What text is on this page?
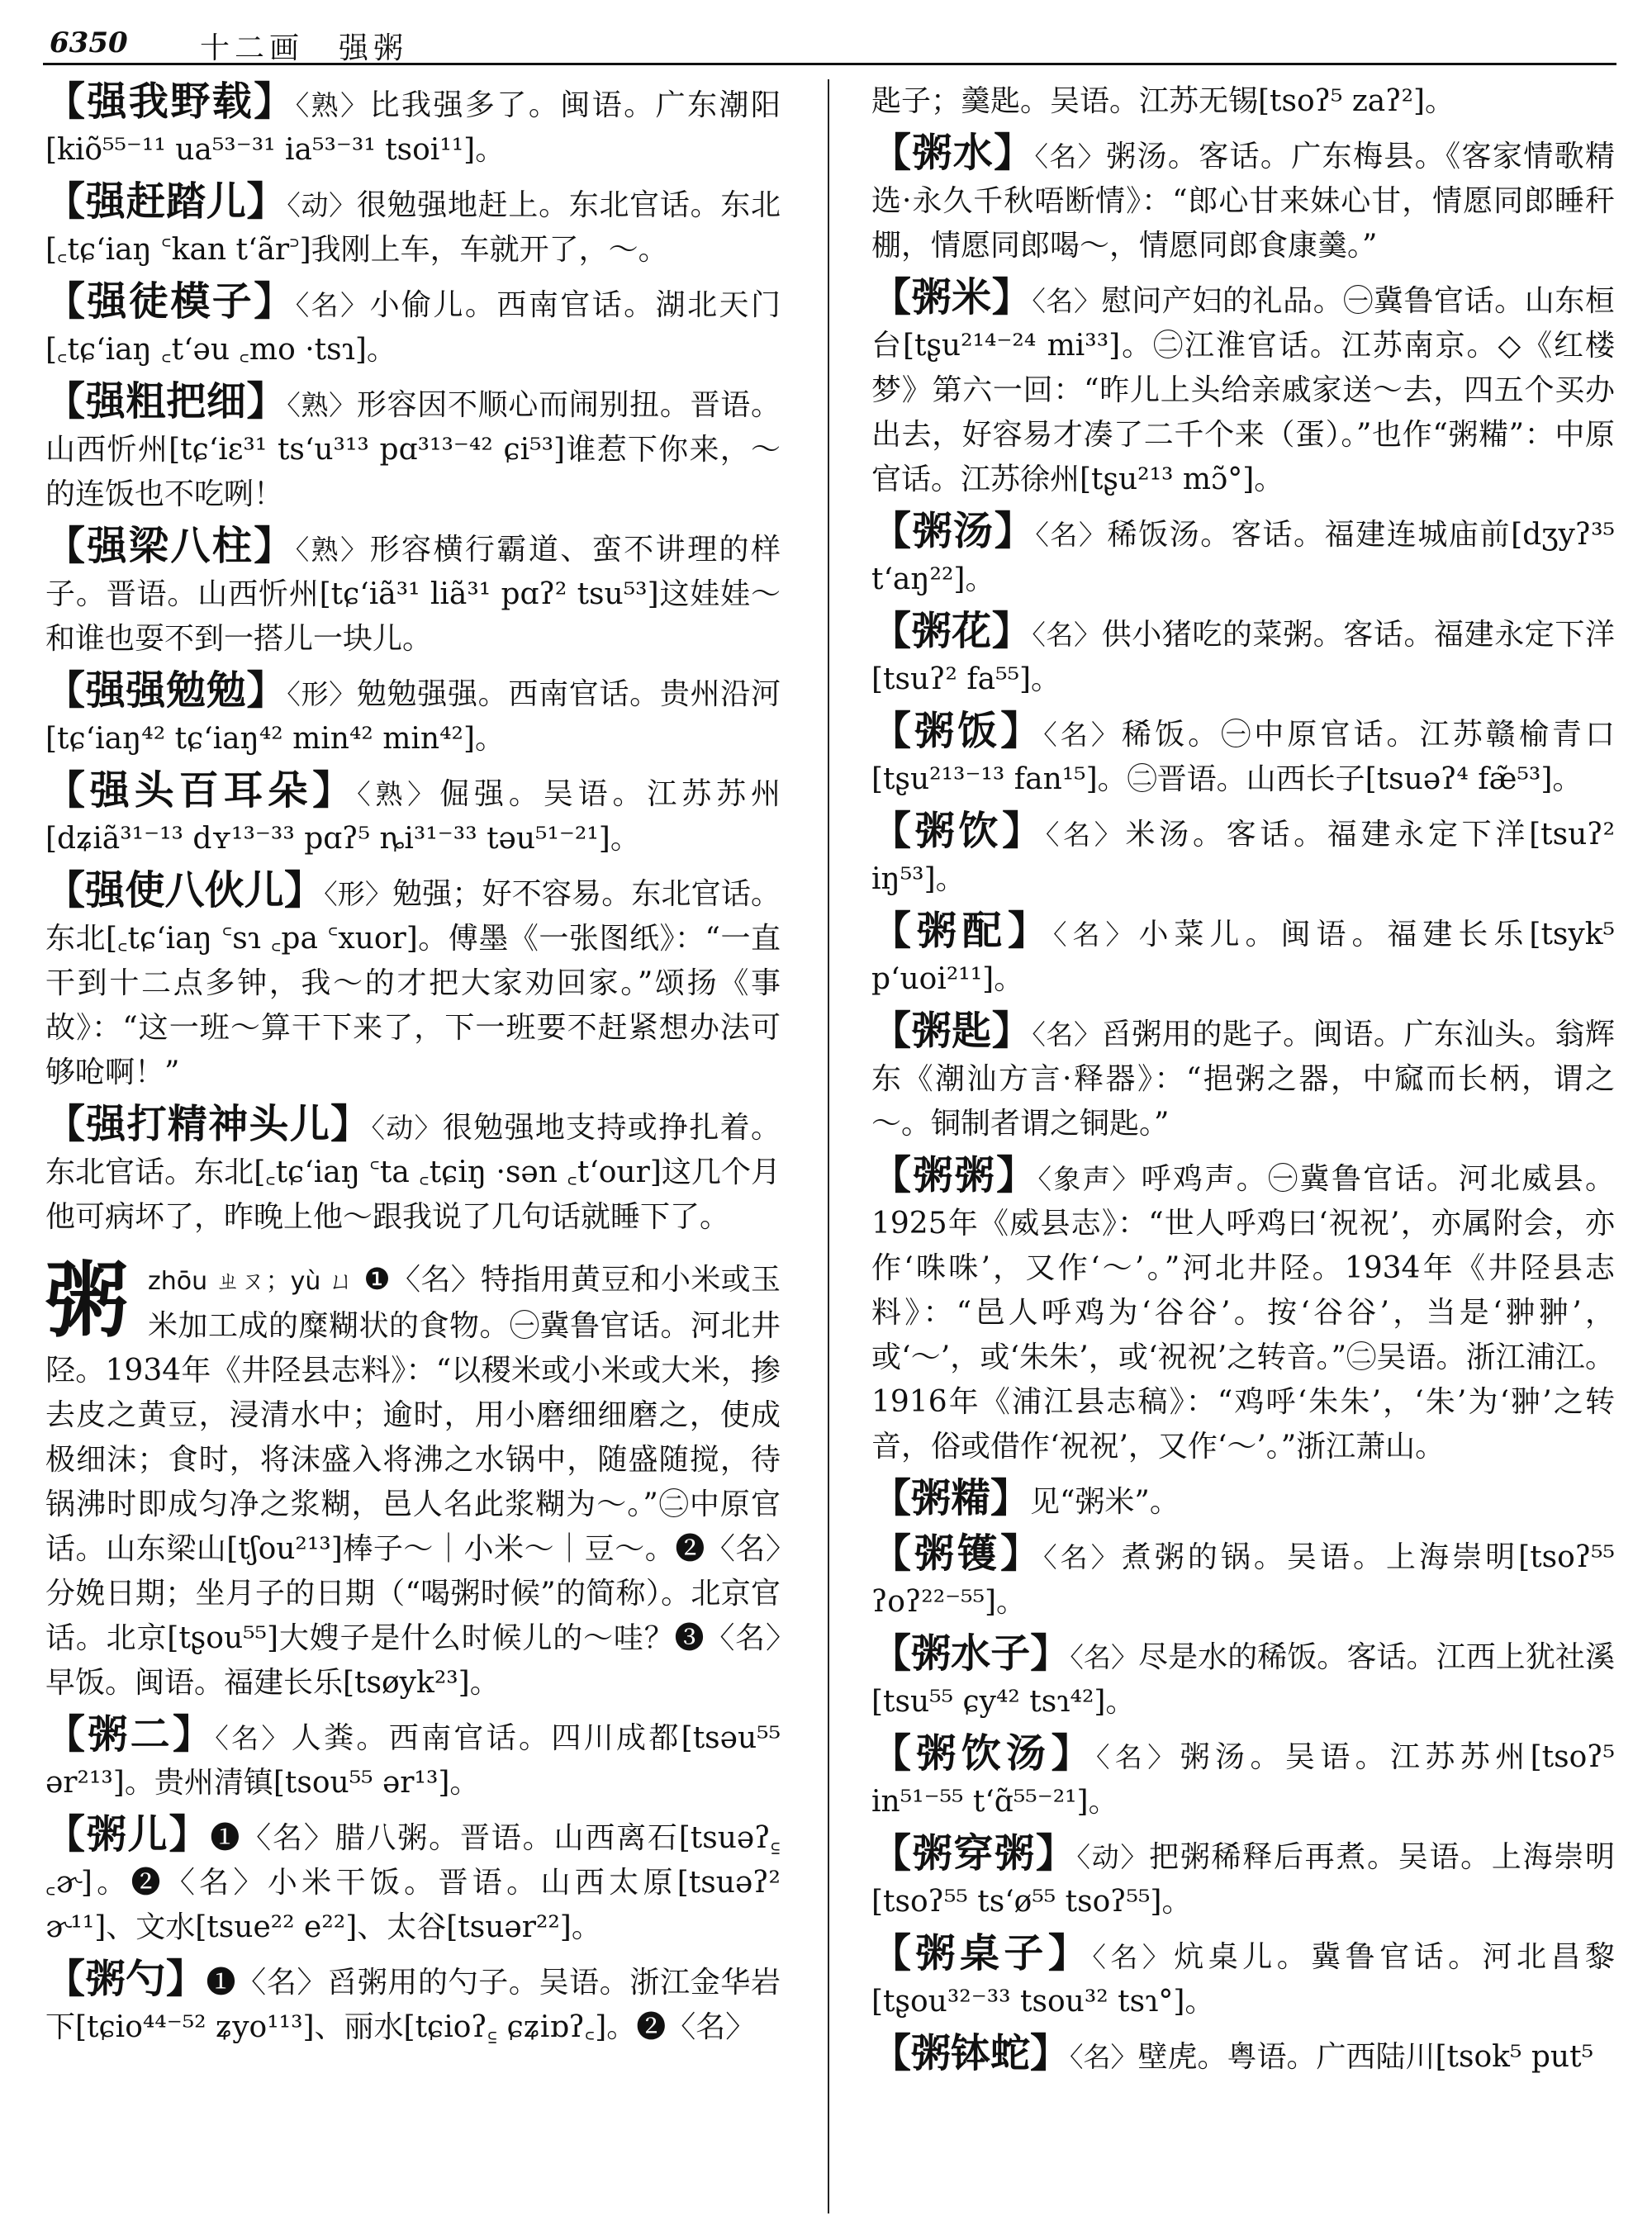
6350 十二画　强粥
【强我野载】〈熟〉比我强多了。闽语。广东潮阳[kiõ⁵⁵⁻¹¹ ua⁵³⁻³¹ ia⁵³⁻³¹ tsoi¹¹]。
【强赶踏儿】〈动〉很勉强地赶上。东北官话。东北[꜀tɕʻiaŋ ꜂kan tʻãr꜄]我刚上车，车就开了，～。
【强徒模子】〈名〉小偷儿。西南官话。湖北天门[꜀tɕʻiaŋ ꜀tʻəu ꜀mo ·tsɿ]。
【强粗把细】〈熟〉形容因不顺心而闹别扭。晋语。山西忻州[tɕʻiɛ³¹ tsʻu³¹³ pɑ³¹³⁻⁴² ɕi⁵³]谁惹下你来，～的连饭也不吃咧！
【强梁八柱】〈熟〉形容横行霸道、蛮不讲理的样子。晋语。山西忻州[tɕʻiã³¹ liã³¹ pɑʔ² tsu⁵³]这娃娃～和谁也耍不到一搭儿一块儿。
【强强勉勉】〈形〉勉勉强强。西南官话。贵州沿河[tɕʻiaŋ⁴² tɕʻiaŋ⁴² min⁴² min⁴²]。
【强头百耳朵】〈熟〉倔强。吴语。江苏苏州[dʑiã³¹⁻¹³ dʏ¹³⁻³³ pɑʔ⁵ ȵi³¹⁻³³ təu⁵¹⁻²¹]。
【强使八伙儿】〈形〉勉强；好不容易。东北官话。东北[꜀tɕʻiaŋ ꜂sɿ ꜀pa ꜂xuor]。傅墨《一张图纸》：“一直干到十二点多钟，我～的才把大家劝回家。”颂扬《事故》：“这一班～算干下来了，下一班要不赶紧想办法可够呛啊！”
【强打精神头儿】〈动〉很勉强地支持或挣扎着。东北官话。东北[꜀tɕʻiaŋ ꜂ta ꜀tɕiŋ ·sən ꜀tʻour]这几个月他可病坏了，昨晚上他～跟我说了几句话就睡下了。
粥zhōu ㄓㄡ；yù ㄩ ❶〈名〉特指用黄豆和小米或玉米加工成的糜糊状的食物。㊀冀鲁官话。河北井陉。1934年《井陉县志料》：“以稷米或小米或大米，掺去皮之黄豆，浸清水中；逾时，用小磨细细磨之，使成极细沫；食时，将沫盛入将沸之水锅中，随盛随搅，待锅沸时即成匀净之浆糊，邑人名此浆糊为～。”㊁中原官话。山东梁山[tʃou²¹³]棒子～｜小米～｜豆～。❷〈名〉分娩日期；坐月子的日期（“喝粥时候”的简称）。北京官话。北京[tʂou⁵⁵]大嫂子是什么时候儿的～哇？❸〈名〉早饭。闽语。福建长乐[tsøyk²³]。
【粥二】〈名〉人粪。西南官话。四川成都[tsəu⁵⁵ ər²¹³]。贵州清镇[tsou⁵⁵ ər¹³]。
【粥儿】❶〈名〉腊八粥。晋语。山西离石[tsuəʔ꜁ ꜀ɚ]。❷〈名〉小米干饭。晋语。山西太原[tsuəʔ² ɚ¹¹]、文水[tsue²² e²²]、太谷[tsuər²²]。
【粥勺】❶〈名〉舀粥用的勺子。吴语。浙江金华岩下[tɕio⁴⁴⁻⁵² ʑyo¹¹³]、丽水[tɕioʔ꜁ ɕʑiɒʔ꜀]。❷〈名〉
匙子；羹匙。吴语。江苏无锡[tsoʔ⁵ zaʔ²]。
【粥水】〈名〉粥汤。客话。广东梅县。《客家情歌精选·永久千秋唔断情》：“郎心甘来妹心甘，情愿同郎睡秆棚，情愿同郎喝～，情愿同郎食康羹。”
【粥米】〈名〉慰问产妇的礼品。㊀冀鲁官话。山东桓台[tʂu²¹⁴⁻²⁴ mi³³]。㊁江淮官话。江苏南京。◇《红楼梦》第六一回：“昨儿上头给亲戚家送～去，四五个买办出去，好容易才凑了二千个来（蛋）。”也作“粥糒”：中原官话。江苏徐州[tʂu²¹³ mɔ̃°]。
【粥汤】〈名〉稀饭汤。客话。福建连城庙前[dʒyʔ³⁵ tʻaŋ²²]。
【粥花】〈名〉供小猪吃的菜粥。客话。福建永定下洋[tsuʔ² fa⁵⁵]。
【粥饭】〈名〉稀饭。㊀中原官话。江苏赣榆青口[tʂu²¹³⁻¹³ fan¹⁵]。㊁晋语。山西长子[tsuəʔ⁴ fæ̃⁵³]。
【粥饮】〈名〉米汤。客话。福建永定下洋[tsuʔ² iŋ⁵³]。
【粥配】〈名〉小菜儿。闽语。福建长乐[tsyk⁵ pʻuoi²¹¹]。
【粥匙】〈名〉舀粥用的匙子。闽语。广东汕头。翁辉东《潮汕方言·释器》：“挹粥之器，中窳而长柄，谓之～。铜制者谓之铜匙。”
【粥粥】〈象声〉呼鸡声。㊀冀鲁官话。河北威县。1925年《威县志》：“世人呼鸡曰‘祝祝’，亦属附会，亦作‘咮咮’，又作‘～’。”河北井陉。1934年《井陉县志料》：“邑人呼鸡为‘谷谷’。按‘谷谷’，当是‘翀翀’，或‘～’，或‘朱朱’，或‘祝祝’之转音。”㊁吴语。浙江浦江。1916年《浦江县志稿》：“鸡呼‘朱朱’，‘朱’为‘翀’之转音，俗或借作‘祝祝’，又作‘～’。”浙江萧山。
【粥糒】见“粥米”。
【粥镬】〈名〉煮粥的锅。吴语。上海崇明[tsoʔ⁵⁵ ʔoʔ²²⁻⁵⁵]。
【粥水子】〈名〉尽是水的稀饭。客话。江西上犹社溪[tsu⁵⁵ ɕy⁴² tsɿ⁴²]。
【粥饮汤】〈名〉粥汤。吴语。江苏苏州[tsoʔ⁵ in⁵¹⁻⁵⁵ tʻɑ̃⁵⁵⁻²¹]。
【粥穿粥】〈动〉把粥稀释后再煮。吴语。上海崇明[tsoʔ⁵⁵ tsʻø⁵⁵ tsoʔ⁵⁵]。
【粥桌子】〈名〉炕桌儿。冀鲁官话。河北昌黎[tʂou³²⁻³³ tsou³² tsɿ°]。
【粥钵蛇】〈名〉壁虎。粤语。广西陆川[tsok⁵ put⁵
